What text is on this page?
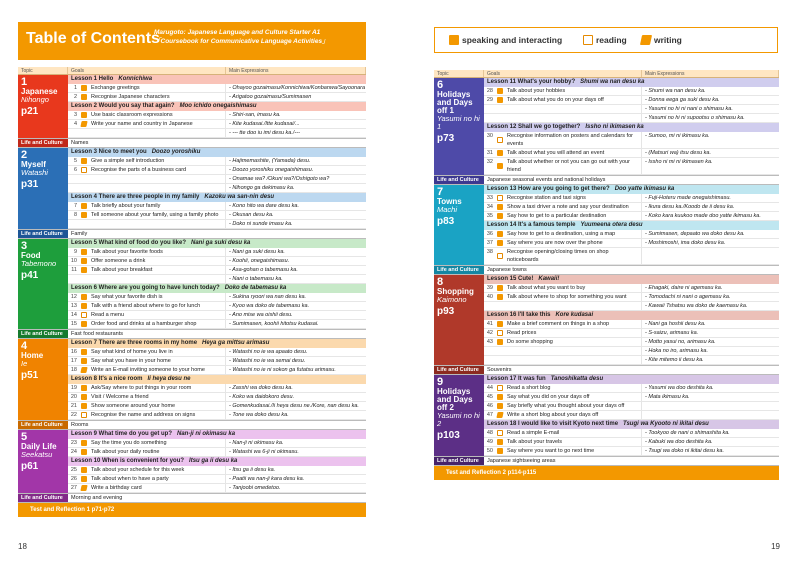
Table of Contents
Marugoto: Japanese Language and Culture Starter A1
「Coursebook for Communicative Language Activities」
Topic	Goals	Main Expressions
1
Japanese
Nihongo
p21
Lesson 1 Hello Konnichiwa
1	Exchange greetings	- Ohayoo gozaimasu/Konnichiwa/Konbanwa/Sayoonara
2	Recognise Japanese characters	- Arigatoo gozaimasu/Sumimasen
Lesson 2 Would you say that again? Moo ichido onegaishimasu
3	Use basic classroom expressions	- Shiri-san, imasu ka.
4	Write your name and country in Japanese	- Kite kudasai./Itte kudasai/...
- --- tte doo iu imi desu ka./---
Life and Culture	Names
2
Myself
Watashi
p31
Lesson 3 Nice to meet you Doozo yoroshiku
5	Give a simple self introduction	- Hajimemashite, (Yamada) desu.
6	Recognise the parts of a business card	- Doozo yoroshiku onegaishimasu.
- Onamae wa? /Okuni wa?/Oshigoto wa?
- Nihongo ga dekimasu ka.
Lesson 4 There are three people in my family Kazoku wa san-nin desu
7	Talk briefly about your family	- Kono hito wa dare desu ka.
8	Tell someone about your family, using a family photo	- Okusan desu ka.
- Doko ni sunde imasu ka.
Life and Culture	Family
3
Food
Tabemono
p41
Lesson 5 What kind of food do you like? Nani ga suki desu ka
9	Talk about your favorite foods	- Nani ga suki desu ka.
10	Offer someone a drink	- Koohii, onegaishimasu.
11	Talk about your breakfast	- Asa-gohan o tabemasu ka.
- Nani o tabemasu ka.
Lesson 6 Where are you going to have lunch today? Doko de tabemasu ka
12	Say what your favorite dish is	- Sukina ryoori wa nan desu ka.
13	Talk with a friend about where to go for lunch	- Kyoo wa doko de tabemasu ka.
14	Read a menu	- Ano mise wa oishii desu.
15	Order food and drinks at a hamburger shop	- Sumimasen, koohii hitotsu kudasai.
Life and Culture	Fast food restaurants
4
Home
Ie
p51
Lesson 7 There are three rooms in my home Heya ga mittsu arimasu
16	Say what kind of home you live in	- Watashi no ie wa apaato desu.
17	Say what you have in your home	- Watashi no ie wa semai desu.
18	Write an E-mail inviting someone to your home	- Watashi no ie ni sokon ga futatsu arimasu.
Lesson 8 It's a nice room Ii heya desu ne
19	Ask/Say where to put things in your room	- Zasshi wa doko desu ka.
20	Visit / Welcome a friend	- Koko wa daidokoro desu.
21	Show someone around your home	- Gomenkudasai./Ii heya desu ne./Kore, nan desu ka.
22	Recognise the name and address on signs	- Tone wa doko desu ka.
Life and Culture	Rooms
5
Daily Life
Seekatsu
p61
Lesson 9 What time do you get up? Nan-ji ni okimasu ka
23	Say the time you do something	- Nan-ji ni okimasu ka.
24	Talk about your daily routine	- Watashi wa 6-ji ni okimasu.
Lesson 10 When is convenient for you? Itsu ga ii desu ka
25	Talk about your schedule for this week	- Itsu ga ii desu ka.
26	Talk about when to have a party	- Paatii wa nan-ji kara desu ka.
27	Write a birthday card	- Tanjoobi omedetoo.
Life and Culture	Morning and evening
Test and Reflection 1 p71-p72
18	19
speaking and interacting	reading	writing
Topic	Goals	Main Expressions
6
Holidays and Days off 1
Yasumi no hi 1
p73
Lesson 11 What's your hobby? Shumi wa nan desu ka
28	Talk about your hobbies	- Shumi wa nan desu ka.
29	Talk about what you do on your days off	- Donna eega ga suki desu ka.
- Yasumi no hi ni nani o shimasu ka.
- Yasumi no hi ni supootsu o shimasu ka.
Lesson 12 Shall we go together? Issho ni ikimasen ka
30	Recognise information on posters and calendars for events
- Sumoo, mi ni ikimasu ka.
31	Talk about what you will attend an event	- (Matsuri wa) itsu desu ka.
32	Talk about whether or not you can go out with your friend
- Issho ni mi ni ikimasen ka.
Life and Culture	Japanese seasonal events and national holidays
7
Towns
Machi
p83
Lesson 13 How are you going to get there? Doo yatte ikimasu ka
33	Recognise station and taxi signs	- Fuji-Hoteru made onegaishimasu.
34	Show a taxi driver a note and say your destination	- Ikura desu ka./Koodo de ii desu ka.
35	Say how to get to a particular destination	- Koko kara kuukoo made doo yatte ikimasu ka.
Lesson 14 It's a famous temple Yuumeena otera desu
36	Say how to get to a destination, using a map	- Sumimasen, depaato wa doko desu ka.
37	Say where you are now over the phone	- Moshimoshi, ima doko desu ka.
38	Recognise opening/closing times on shop noticeboards
Life and Culture	Japanese towns
8
Shopping
Kaimono
p93
Lesson 15 Cute! Kawaii!
39	Talk about what you want to buy	- Ehagaki, daire ni agemasu ka.
40	Talk about where to shop for something you want	- Tomodachi ni nani o agemasu ka.
- Kawaii Tshatsu wa doko de kaemasu ka.
Lesson 16 I'll take this Kore kudasai
41	Make a brief comment on things in a shop	- Nani ga hoshii desu ka.
42	Read prices	- S-saizu, arimasu ka.
43	Do some shopping	- Motto yasui no, arimasu ka.
- Hoka no iro, arimasu ka.
- Kite mitemo ii desu ka.
Life and Culture	Souvenirs
9
Holidays and Days off 2
Yasumi no hi 2
p103
Lesson 17 It was fun Tanoshikatta desu
44	Read a short blog	- Yasumi wa doo deshita ka.
45	Say what you did on your days off	- Mata ikimasu ka.
46	Say briefly what you thought about your days off
47	Write a short blog about your days off
Lesson 18 I would like to visit Kyoto next time Tsugi wa Kyooto ni ikitai desu
48	Read a simple E-mail	- Tookyoo de nani o shimashita ka.
49	Talk about your travels	- Kabuki wa doo deshita ka.
50	Say where you want to go next time	- Tsugi wa doko ni ikitai desu ka.
Life and Culture	Japanese sightseeing areas
Test and Reflection 2 p114-p115
